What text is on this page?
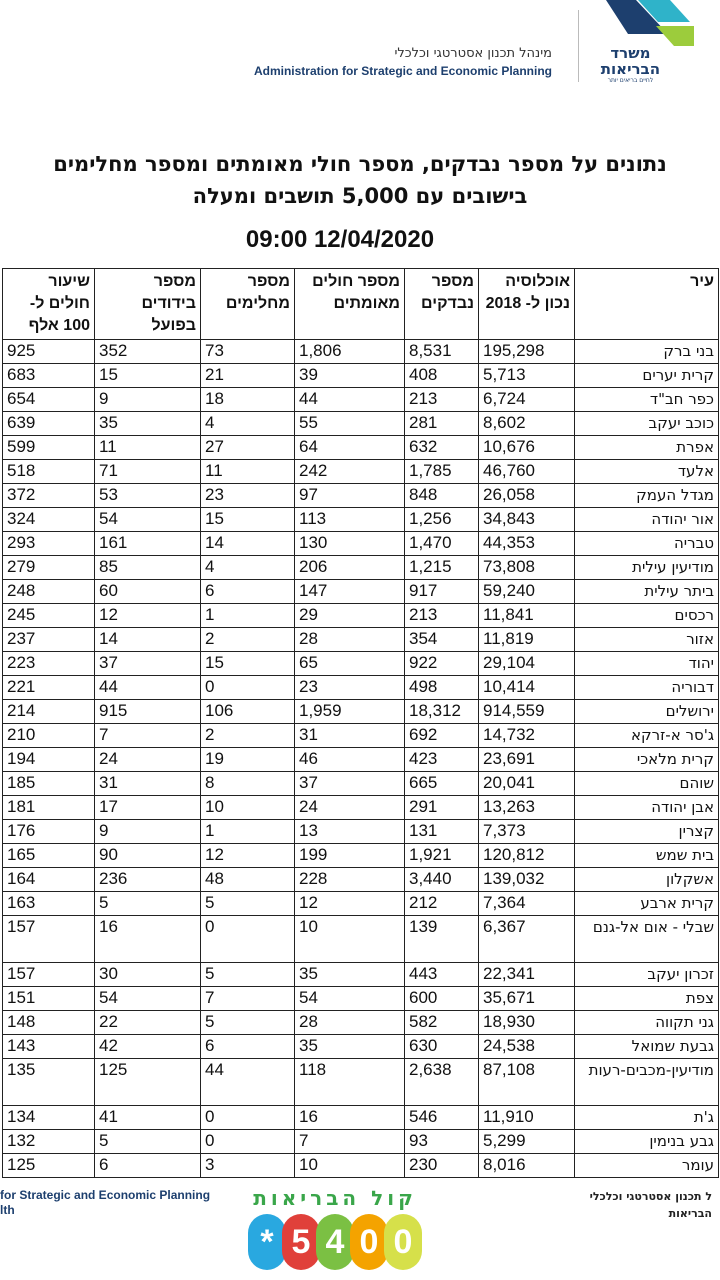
משרד
הבריאות
לחיים בריאים יותר
מינהל תכנון אסטרטגי וכלכלי
Administration for Strategic and Economic Planning
נתונים על מספר נבדקים, מספר חולי מאומתים ומספר מחלימים
בישובים עם 5,000 תושבים ומעלה
09:00 12/04/2020
עיר	אוכלוסיה נכון ל- 2018	מספר נבדקים	מספר חולים מאומתים	מספר מחלימים	מספר בידודים בפועל	שיעור חולים ל- 100 אלף
בני ברק	195,298	8,531	1,806	73	352	925
קרית יערים	5,713	408	39	21	15	683
כפר חב"ד	6,724	213	44	18	9	654
כוכב יעקב	8,602	281	55	4	35	639
אפרת	10,676	632	64	27	11	599
אלעד	46,760	1,785	242	11	71	518
מגדל העמק	26,058	848	97	23	53	372
אור יהודה	34,843	1,256	113	15	54	324
טבריה	44,353	1,470	130	14	161	293
מודיעין עילית	73,808	1,215	206	4	85	279
ביתר עילית	59,240	917	147	6	60	248
רכסים	11,841	213	29	1	12	245
אזור	11,819	354	28	2	14	237
יהוד	29,104	922	65	15	37	223
דבוריה	10,414	498	23	0	44	221
ירושלים	914,559	18,312	1,959	106	915	214
ג'סר א-זרקא	14,732	692	31	2	7	210
קרית מלאכי	23,691	423	46	19	24	194
שוהם	20,041	665	37	8	31	185
אבן יהודה	13,263	291	24	10	17	181
קצרין	7,373	131	13	1	9	176
בית שמש	120,812	1,921	199	12	90	165
אשקלון	139,032	3,440	228	48	236	164
קרית ארבע	7,364	212	12	5	5	163
שבלי - אום אל-גנם	6,367	139	10	0	16	157
זכרון יעקב	22,341	443	35	5	30	157
צפת	35,671	600	54	7	54	151
גני תקווה	18,930	582	28	5	22	148
גבעת שמואל	24,538	630	35	6	42	143
מודיעין-מכבים-רעות	87,108	2,638	118	44	125	135
ג'ת	11,910	546	16	0	41	134
גבע בנימין	5,299	93	7	0	5	132
עומר	8,016	230	10	3	6	125
for Strategic and Economic Planning
lth	קול הבריאות
* 5 4 0 0
ל תכנון אסטרטגי וכלכלי
הבריאות
